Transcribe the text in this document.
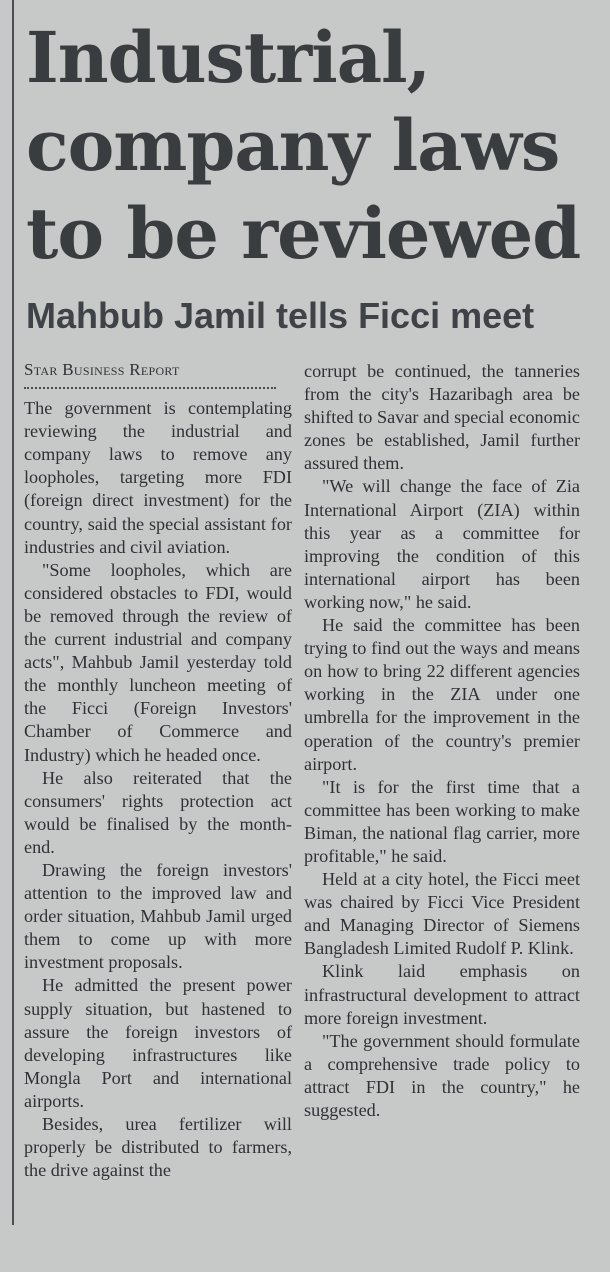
Industrial,
company laws
to be reviewed
Mahbub Jamil tells Ficci meet
Star Business Report

The government is contemplating reviewing the industrial and company laws to remove any loopholes, targeting more FDI (foreign direct investment) for the country, said the special assistant for industries and civil aviation.

"Some loopholes, which are considered obstacles to FDI, would be removed through the review of the current industrial and company acts", Mahbub Jamil yesterday told the monthly luncheon meeting of the Ficci (Foreign Investors' Chamber of Commerce and Industry) which he headed once.

He also reiterated that the consumers' rights protection act would be finalised by the month-end.

Drawing the foreign investors' attention to the improved law and order situation, Mahbub Jamil urged them to come up with more investment proposals.

He admitted the present power supply situation, but hastened to assure the foreign investors of developing infrastructures like Mongla Port and international airports.

Besides, urea fertilizer will properly be distributed to farmers, the drive against the

corrupt be continued, the tanneries from the city's Hazaribagh area be shifted to Savar and special economic zones be established, Jamil further assured them.

"We will change the face of Zia International Airport (ZIA) within this year as a committee for improving the condition of this international airport has been working now," he said.

He said the committee has been trying to find out the ways and means on how to bring 22 different agencies working in the ZIA under one umbrella for the improvement in the operation of the country's premier airport.

"It is for the first time that a committee has been working to make Biman, the national flag carrier, more profitable," he said.

Held at a city hotel, the Ficci meet was chaired by Ficci Vice President and Managing Director of Siemens Bangladesh Limited Rudolf P. Klink.

Klink laid emphasis on infrastructural development to attract more foreign investment.

"The government should formulate a comprehensive trade policy to attract FDI in the country," he suggested.
